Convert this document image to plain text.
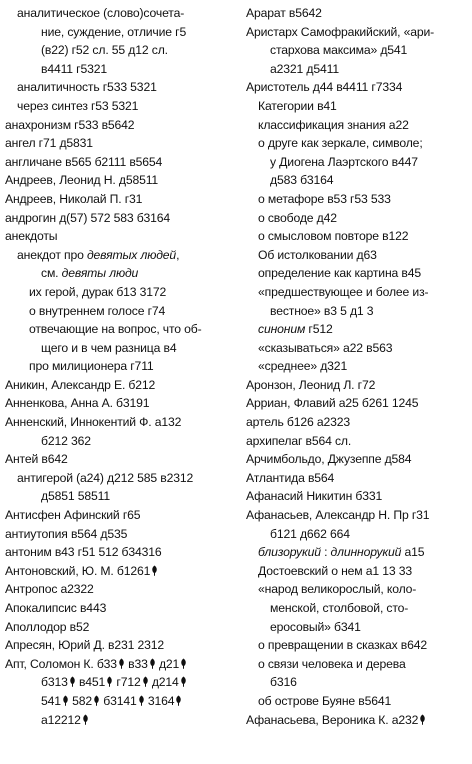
аналитическое (слово)сочета-
ние, суждение, отличие г5
(в22) г52 сл. 55 д12 сл.
в4411 г5321
аналитичность г533 5321
через синтез г53 5321
анахронизм г533 в5642
ангел г71 д5831
англичане в565 б2111 в5654
Андреев, Леонид Н. д58511
Андреев, Николай П. г31
андрогин д(57) 572 583 б3164
анекдоты
анекдот про девятых людей,
см. девяты люди
их герой, дурак б13 3172
о внутреннем голосе г74
отвечающие на вопрос, что об-
щего и в чем разница в4
про милиционера г711
Аникин, Александр Е. б212
Анненкова, Анна А. б3191
Анненский, Иннокентий Ф. а132
б212 362
Антей в642
антигерой (а24) д212 585 в2312
д5851 58511
Антисфен Афинский г65
антиутопия в564 д535
антоним в43 г51 512 б34316
Антоновский, Ю. М. б1261
Антропос а2322
Апокалипсис в443
Аполлодор в52
Апресян, Юрий Д. в231 2312
Апт, Соломон К. б33 в33 д21
б313 в451 г712 д214
541 582 б3141 3164
а12212
Арарат в5642
Аристарх Самофракийский, «ари-
стархова максима» д541
а2321 д5411
Аристотель д44 в4411 г7334
Категории в41
классификация знания а22
о друге как зеркале, символе;
у Диогена Лаэртского в447
д583 б3164
о метафоре в53 г53 533
о свободе д42
о смысловом повторе в122
Об истолковании д63
определение как картина в45
«предшествующее и более из-
вестное» в3 5 д1 3
синоним г512
«сказываться» а22 в563
«среднее» д321
Аронзон, Леонид Л. г72
Арриан, Флавий а25 б261 1245
артель б126 а2323
архипелаг в564 сл.
Арчимбольдо, Джузеппе д584
Атлантида в564
Афанасий Никитин б331
Афанасьев, Александр Н. Пр г31
б121 д662 664
близорукий : длиннорукий а15
Достоевский о нем а1 13 33
«народ великорослый, коло-
менской, столбовой, сто-
еросовый» б341
о превращении в сказках в642
о связи человека и дерева
б316
об острове Буяне в5641
Афанасьева, Вероника К. а232
